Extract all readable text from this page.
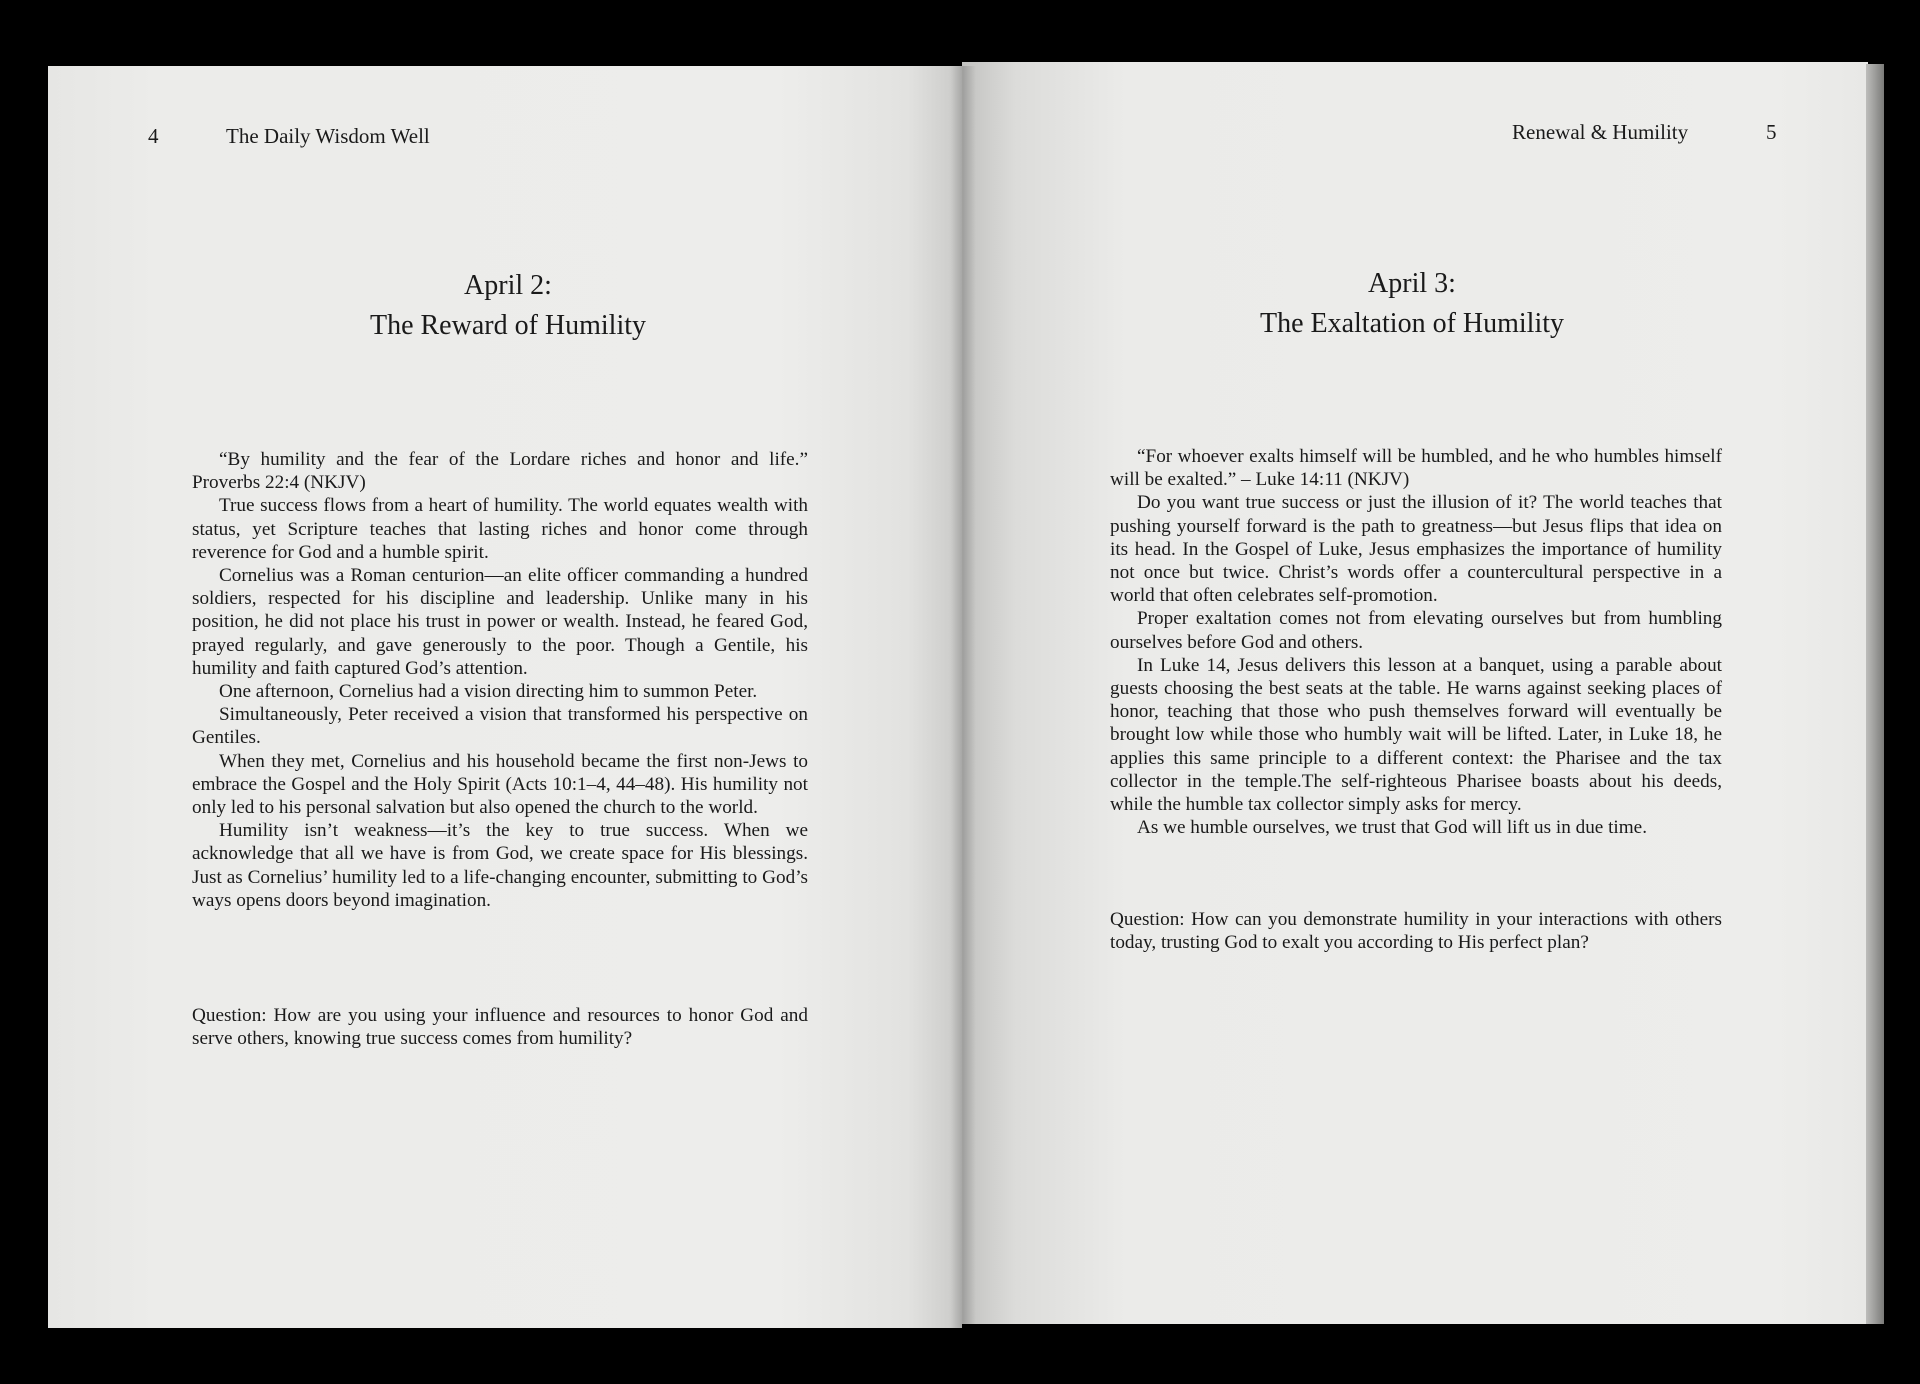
4	The Daily Wisdom Well
April 2:
The Reward of Humility

“By humility and the fear of the Lordare riches and honor and life.” Proverbs 22:4 (NKJV)

True success flows from a heart of humility. The world equates wealth with status, yet Scripture teaches that lasting riches and honor come through reverence for God and a humble spirit.

Cornelius was a Roman centurion—an elite officer commanding a hundred soldiers, respected for his discipline and leadership. Unlike many in his position, he did not place his trust in power or wealth. Instead, he feared God, prayed regularly, and gave generously to the poor. Though a Gentile, his humility and faith captured God’s attention.

One afternoon, Cornelius had a vision directing him to summon Peter.

Simultaneously, Peter received a vision that transformed his perspective on Gentiles.

When they met, Cornelius and his household became the first non-Jews to embrace the Gospel and the Holy Spirit (Acts 10:1–4, 44–48). His humility not only led to his personal salvation but also opened the church to the world.

Humility isn’t weakness—it’s the key to true success. When we acknowledge that all we have is from God, we create space for His blessings. Just as Cornelius’ humility led to a life-changing encounter, submitting to God’s ways opens doors beyond imagination.

Question: How are you using your influence and resources to honor God and serve others, knowing true success comes from humility?
Renewal & Humility	5
April 3:
The Exaltation of Humility

“For whoever exalts himself will be humbled, and he who humbles himself will be exalted.” – Luke 14:11 (NKJV)

Do you want true success or just the illusion of it? The world teaches that pushing yourself forward is the path to greatness—but Jesus flips that idea on its head. In the Gospel of Luke, Jesus emphasizes the importance of humility not once but twice. Christ’s words offer a countercultural perspective in a world that often celebrates self-promotion.

Proper exaltation comes not from elevating ourselves but from humbling ourselves before God and others.

In Luke 14, Jesus delivers this lesson at a banquet, using a parable about guests choosing the best seats at the table. He warns against seeking places of honor, teaching that those who push themselves forward will eventually be brought low while those who humbly wait will be lifted. Later, in Luke 18, he applies this same principle to a different context: the Pharisee and the tax collector in the temple.The self-righteous Pharisee boasts about his deeds, while the humble tax collector simply asks for mercy.

As we humble ourselves, we trust that God will lift us in due time.

Question: How can you demonstrate humility in your interactions with others today, trusting God to exalt you according to His perfect plan?
